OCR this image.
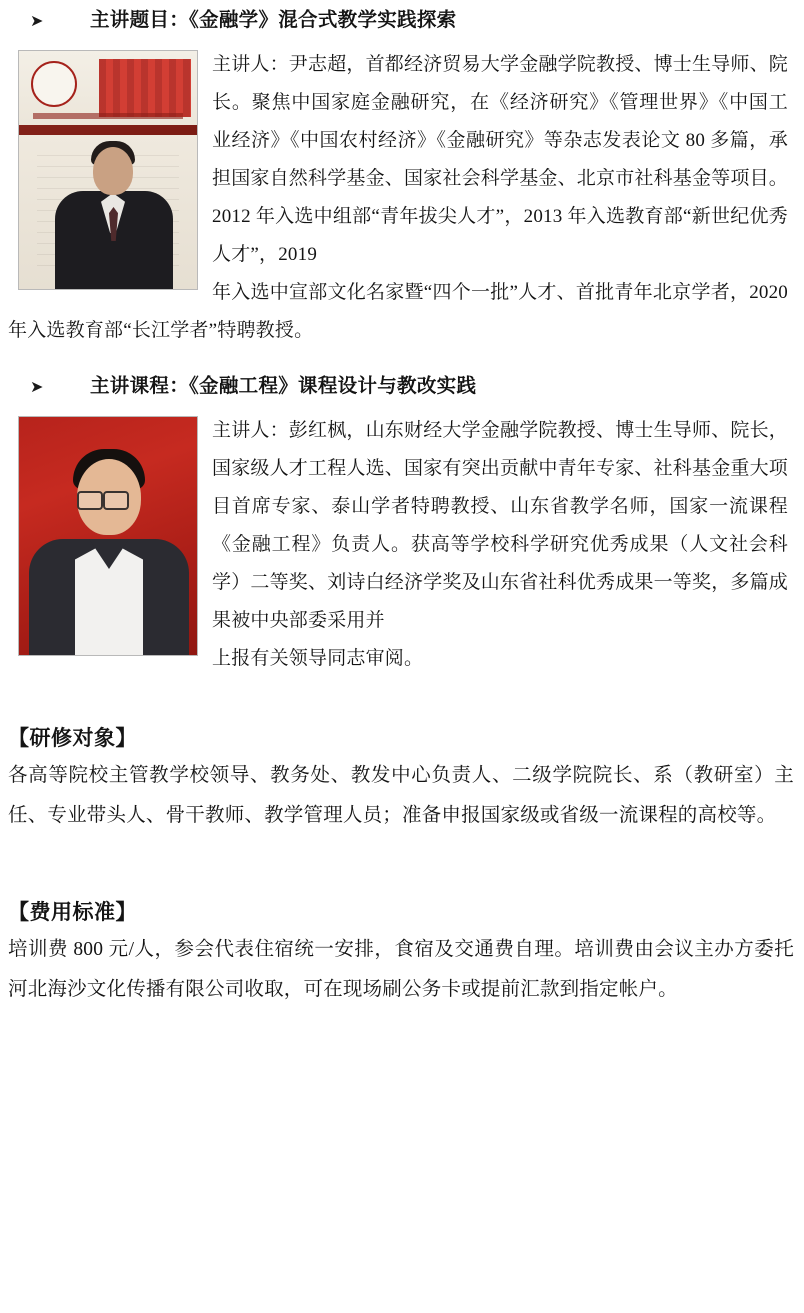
➤	主讲题目：《金融学》混合式教学实践探索
主讲人：尹志超，首都经济贸易大学金融学院教授、博士生导师、院长。聚焦中国家庭金融研究，在《经济研究》《管理世界》《中国工业经济》《中国农村经济》《金融研究》等杂志发表论文 80 多篇，承担国家自然科学基金、国家社会科学基金、北京市社科基金等项目。2012 年入选中组部“青年拔尖人才”，2013 年入选教育部“新世纪优秀人才”，2019
年入选中宣部文化名家暨“四个一批”人才、首批青年北京学者，2020 年入选教育部“长江学者”特聘教授。
➤	主讲课程：《金融工程》课程设计与教改实践
主讲人：彭红枫，山东财经大学金融学院教授、博士生导师、院长，国家级人才工程人选、国家有突出贡献中青年专家、社科基金重大项目首席专家、泰山学者特聘教授、山东省教学名师，国家一流课程《金融工程》负责人。获高等学校科学研究优秀成果（人文社会科学）二等奖、刘诗白经济学奖及山东省社科优秀成果一等奖，多篇成果被中央部委采用并
上报有关领导同志审阅。
【研修对象】
各高等院校主管教学校领导、教务处、教发中心负责人、二级学院院长、系（教研室）主任、专业带头人、骨干教师、教学管理人员；准备申报国家级或省级一流课程的高校等。
【费用标准】
培训费 800 元/人，参会代表住宿统一安排，食宿及交通费自理。培训费由会议主办方委托河北海沙文化传播有限公司收取，可在现场刷公务卡或提前汇款到指定帐户。
